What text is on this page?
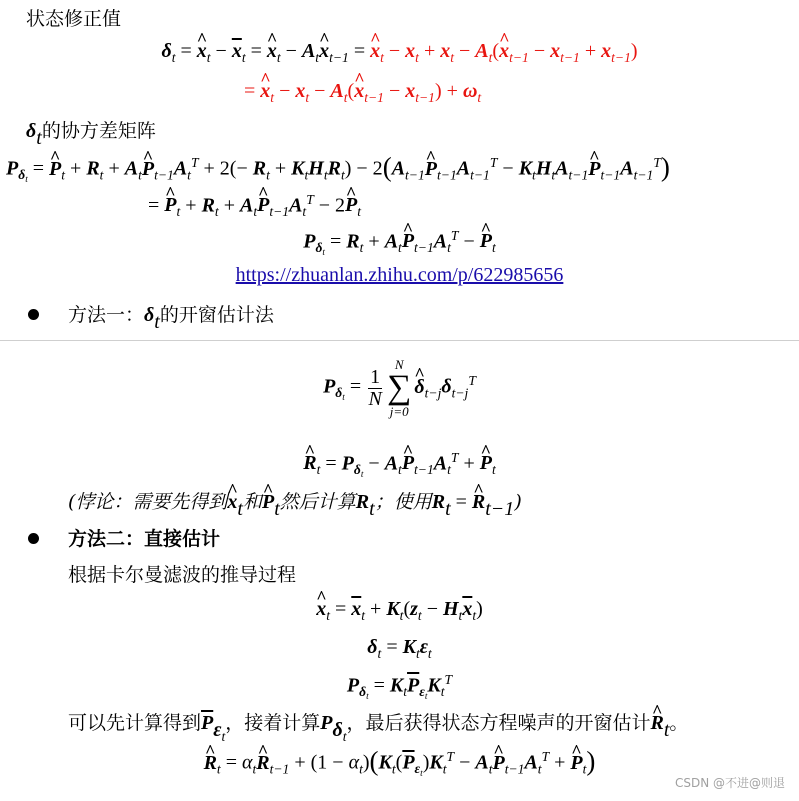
状态修正值
$\delta_t$ = ^ $x_t - \overline{x}_t$ = ^ $x_t$ − $A_t\^{}$ $x_{t-1}$ = ^ $x_t - x_t + x_t$ − $A_t(\^{}$ $x_{t-1} - x_{t-1} + x_{t-1}$)
= ^ $x_t - x_t$ − $A_t(\^{}$ $x_{t-1} - x_{t-1}) + \omega_t$
$\delta_t$的协方差矩阵
$P_{\delta_t}$ = ^ $P_t + R_t$ + $A_t\^{}$ $P_{t-1}A_t^T + 2(- R_t + K_tH_tR_t)$ − $2(A_{t-1}\^{}$ $P_{t-1}A_{t-1}^T$ − $K_tH_tA_{t-1}\^{}$ $P_{t-1}A_{t-1}^T$)
= ^ $P_t + R_t$ + $A_t\^{}$ $P_{t-1}A_t^T$ − 2^ $P_t$
$P_{\delta_t} = R_t$ + $A_t\^{}$ $P_{t-1}A_t^T$ − ^ $P_t$
https://zhuanlan.zhihu.com/p/622985656
方法一：$\delta_t$的开窗估计法
$P_{\delta_t} = \frac{1}{N}$
N
∑
j=0
^ $\delta_{t-j}\delta_{t-j}^T$
^ $R_t = P_{\delta_t}$ − $A_t\^{}$ $P_{t-1}A_t^T$ + ^ $P_t$
(悖论：需要先得到^ $x_t$和^ $P_t$然后计算$R_t$；使用$R_t$ = ^ $R_{t-1}$)
方法二：直接估计
根据卡尔曼滤波的推导过程
^ $x_t = \overline{x}_t + K_t(z_t - H_t\overline{x}_t)$
$\delta_t = K_t\varepsilon_t$
$P_{\delta_t} = K_t\overline{P}_{\varepsilon_t}K_t^T$
可以先计算得到$\overline{P}_{\varepsilon_t}$，接着计算$P_{\delta_t}$，最后获得状态方程噪声的开窗估计^ $R_t$。
^ $R_t$ = $\alpha_t\^{}$ $R_{t-1} + (1 - \alpha_t)(K_t(\overline{P}_{\varepsilon_t})K_t^T$ − $A_t\^{}$ $P_{t-1}A_t^T$ + ^ $P_t$)
CSDN @不进@则退
